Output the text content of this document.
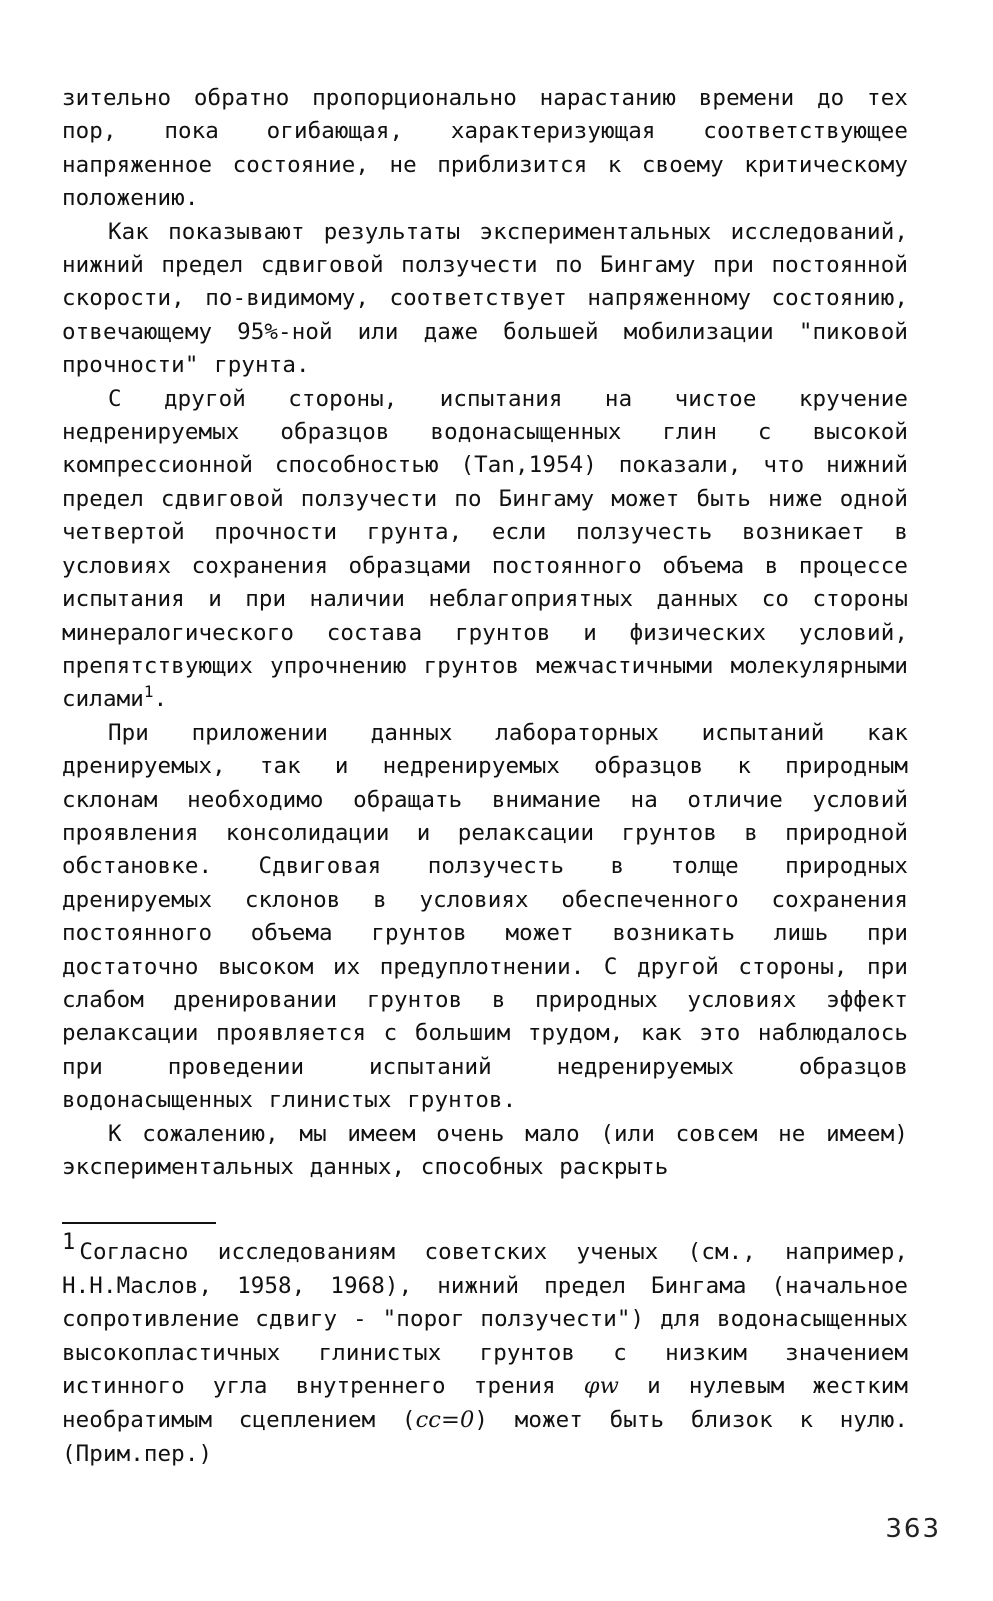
зительно обратно пропорционально нарастанию времени до тех пор, пока огибающая, характеризующая соответствующее напряженное состояние, не приблизится к своему критическому положению.

Как показывают результаты экспериментальных исследований, нижний предел сдвиговой ползучести по Бингаму при постоянной скорости, по-видимому, соответствует напряженному состоянию, отвечающему 95%-ной или даже большей мобилизации "пиковой прочности" грунта.

С другой стороны, испытания на чистое кручение недренируемых образцов водонасыщенных глин с высокой компрессионной способностью (Tan,1954) показали, что нижний предел сдвиговой ползучести по Бингаму может быть ниже одной четвертой прочности грунта, если ползучесть возникает в условиях сохранения образцами постоянного объема в процессе испытания и при наличии неблагоприятных данных со стороны минералогического состава грунтов и физических условий, препятствующих упрочнению грунтов межчастичными молекулярными силами$^1$.

При приложении данных лабораторных испытаний как дренируемых, так и недренируемых образцов к природным склонам необходимо обращать внимание на отличие условий проявления консолидации и релаксации грунтов в природной обстановке. Сдвиговая ползучесть в толще природных дренируемых склонов в условиях обеспеченного сохранения постоянного объема грунтов может возникать лишь при достаточно высоком их предуплотнении. С другой стороны, при слабом дренировании грунтов в природных условиях эффект релаксации проявляется с большим трудом, как это наблюдалось при проведении испытаний недренируемых образцов водонасыщенных глинистых грунтов.

К сожалению, мы имеем очень мало (или совсем не имеем) экспериментальных данных, способных раскрыть

1 Согласно исследованиям советских ученых (см., например, Н.Н.Маслов, 1958, 1968), нижний предел Бингама (начальное сопротивление сдвигу - "порог ползучести") для водонасыщенных высокопластичных глинистых грунтов с низким значением истинного угла внутреннего трения φw и нулевым жестким необратимым сцеплением (cc=0) может быть близок к нулю. (Прим.пер.)

363
